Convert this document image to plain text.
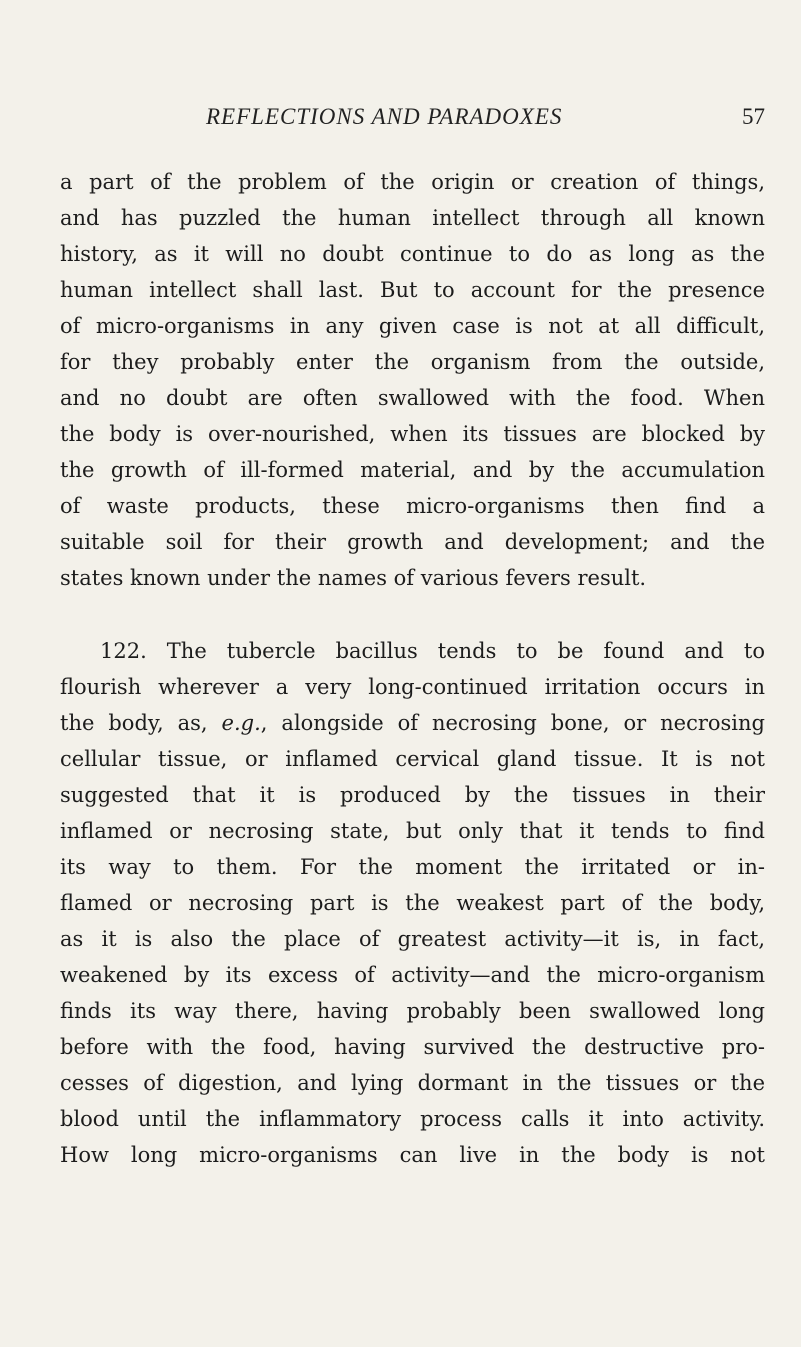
REFLECTIONS AND PARADOXES	57
a part of the problem of the origin or creation of things,
and has puzzled the human intellect through all known
history, as it will no doubt continue to do as long as the
human intellect shall last. But to account for the presence
of micro-organisms in any given case is not at all difficult,
for they probably enter the organism from the outside,
and no doubt are often swallowed with the food. When
the body is over-nourished, when its tissues are blocked by
the growth of ill-formed material, and by the accumulation
of waste products, these micro-organisms then find a
suitable soil for their growth and development; and the
states known under the names of various fevers result.
122. The tubercle bacillus tends to be found and to
flourish wherever a very long-continued irritation occurs in
the body, as, e.g., alongside of necrosing bone, or necrosing
cellular tissue, or inflamed cervical gland tissue. It is not
suggested that it is produced by the tissues in their
inflamed or necrosing state, but only that it tends to find
its way to them. For the moment the irritated or in-
flamed or necrosing part is the weakest part of the body,
as it is also the place of greatest activity—it is, in fact,
weakened by its excess of activity—and the micro-organism
finds its way there, having probably been swallowed long
before with the food, having survived the destructive pro-
cesses of digestion, and lying dormant in the tissues or the
blood until the inflammatory process calls it into activity.
How long micro-organisms can live in the body is not
